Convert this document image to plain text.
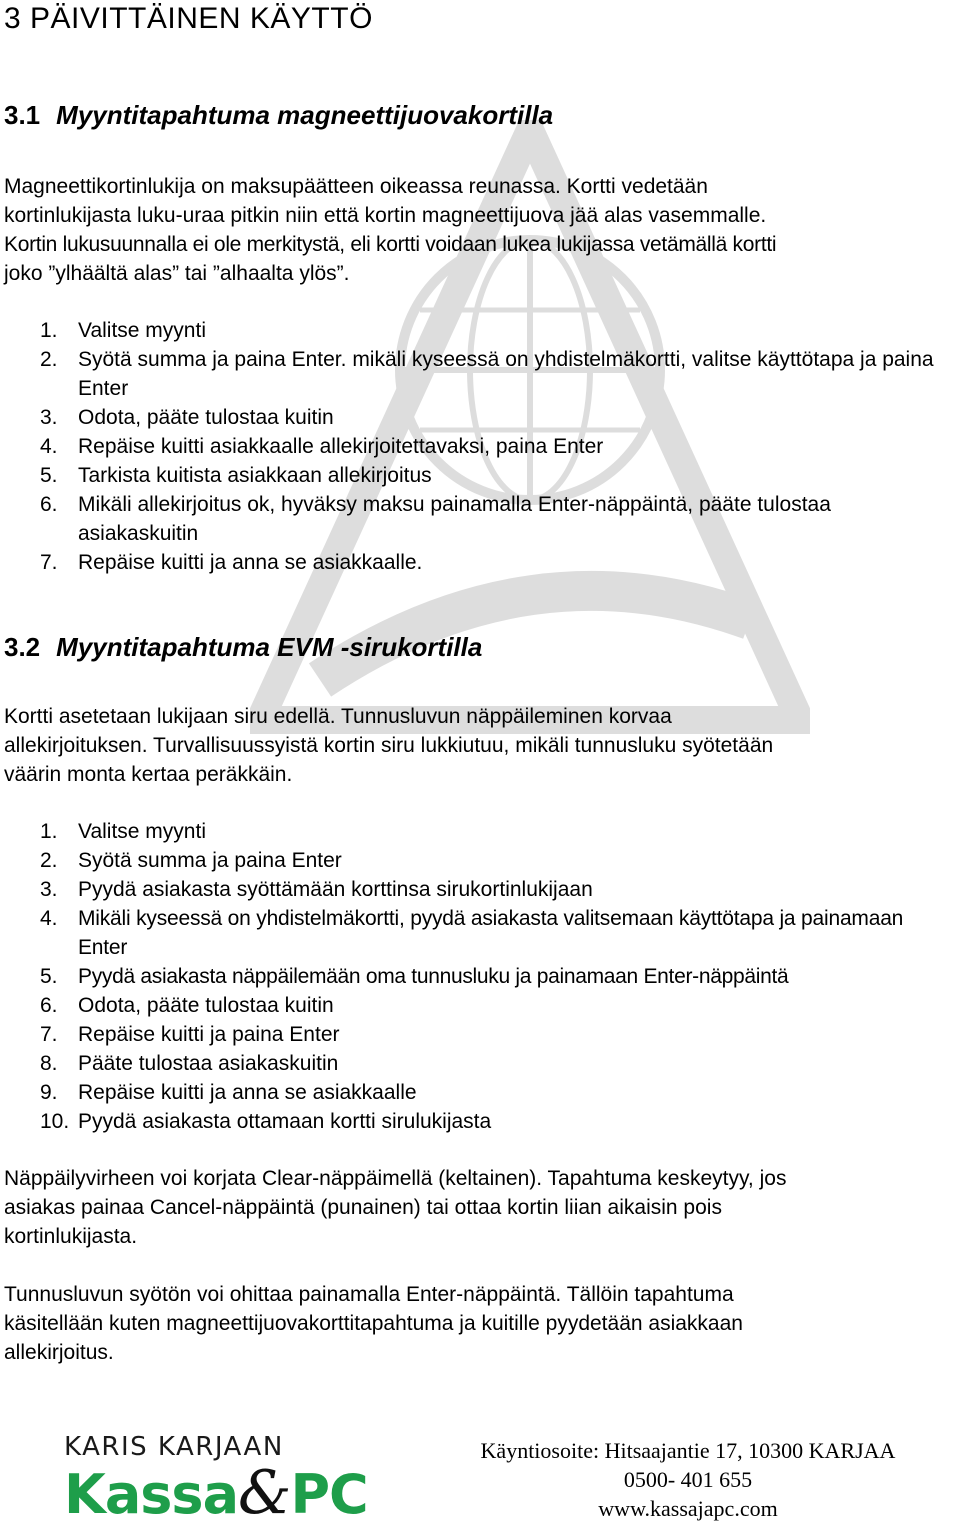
3 PÄIVITTÄINEN KÄYTTÖ
3.1 Myyntitapahtuma magneettijuovakortilla

Magneettikortinlukija on maksupäätteen oikeassa reunassa. Kortti vedetään
kortinlukijasta luku-uraa pitkin niin että kortin magneettijuova jää alas vasemmalle.
Kortin lukusuunnalla ei ole merkitystä, eli kortti voidaan lukea lukijassa vetämällä kortti
joko ”ylhäältä alas” tai ”alhaalta ylös”.

1. Valitse myynti
2. Syötä summa ja paina Enter. mikäli kyseessä on yhdistelmäkortti, valitse käyttötapa ja paina Enter
3. Odota, pääte tulostaa kuitin
4. Repäise kuitti asiakkaalle allekirjoitettavaksi, paina Enter
5. Tarkista kuitista asiakkaan allekirjoitus
6. Mikäli allekirjoitus ok, hyväksy maksu painamalla Enter-näppäintä, pääte tulostaa asiakaskuitin
7. Repäise kuitti ja anna se asiakkaalle.
3.2 Myyntitapahtuma EVM -sirukortilla

Kortti asetetaan lukijaan siru edellä. Tunnusluvun näppäileminen korvaa
allekirjoituksen. Turvallisuussyistä kortin siru lukkiutuu, mikäli tunnusluku syötetään
väärin monta kertaa peräkkäin.

1. Valitse myynti
2. Syötä summa ja paina Enter
3. Pyydä asiakasta syöttämään korttinsa sirukortinlukijaan
4. Mikäli kyseessä on yhdistelmäkortti, pyydä asiakasta valitsemaan käyttötapa ja painamaan Enter
5. Pyydä asiakasta näppäilemään oma tunnusluku ja painamaan Enter-näppäintä
6. Odota, pääte tulostaa kuitin
7. Repäise kuitti ja paina Enter
8. Pääte tulostaa asiakaskuitin
9. Repäise kuitti ja anna se asiakkaalle
10. Pyydä asiakasta ottamaan kortti sirulukijasta

Näppäilyvirheen voi korjata Clear-näppäimellä (keltainen). Tapahtuma keskeytyy, jos
asiakas painaa Cancel-näppäintä (punainen) tai ottaa kortin liian aikaisin pois
kortinlukijasta.

Tunnusluvun syötön voi ohittaa painamalla Enter-näppäintä. Tällöin tapahtuma
käsitellään kuten magneettijuovakorttitapahtuma ja kuitille pyydetään asiakkaan
allekirjoitus.

KARIS KARJAAN
Kassa&PC
Käyntiosoite: Hitsaajantie 17, 10300 KARJAA
0500- 401 655
www.kassajapc.com
